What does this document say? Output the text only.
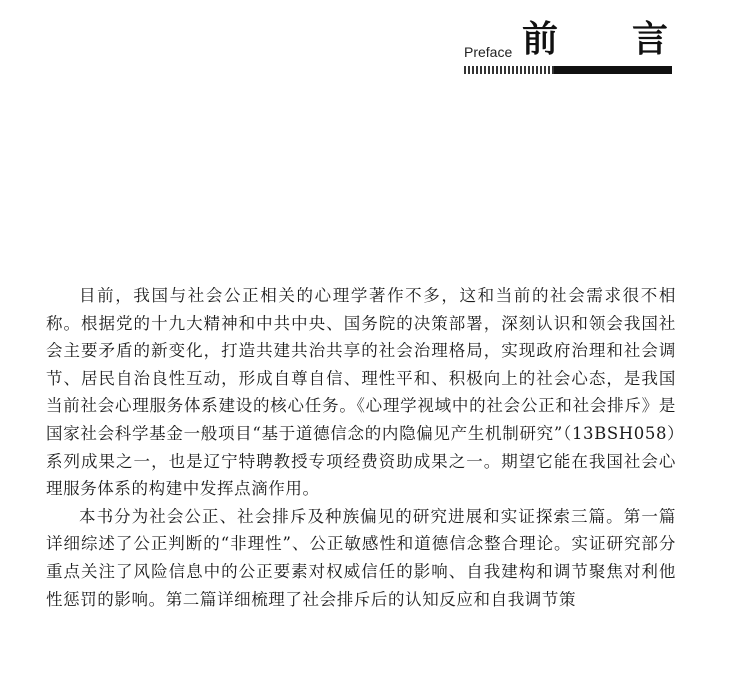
Preface 前 言

目前，我国与社会公正相关的心理学著作不多，这和当前的社会需求很不相称。根据党的十九大精神和中共中央、国务院的决策部署，深刻认识和领会我国社会主要矛盾的新变化，打造共建共治共享的社会治理格局，实现政府治理和社会调节、居民自治良性互动，形成自尊自信、理性平和、积极向上的社会心态，是我国当前社会心理服务体系建设的核心任务。《心理学视域中的社会公正和社会排斥》是国家社会科学基金一般项目“基于道德信念的内隐偏见产生机制研究”（13BSH058）系列成果之一，也是辽宁特聘教授专项经费资助成果之一。期望它能在我国社会心理服务体系的构建中发挥点滴作用。

本书分为社会公正、社会排斥及种族偏见的研究进展和实证探索三篇。第一篇详细综述了公正判断的“非理性”、公正敏感性和道德信念整合理论。实证研究部分重点关注了风险信息中的公正要素对权威信任的影响、自我建构和调节聚焦对利他性惩罚的影响。第二篇详细梳理了社会排斥后的认知反应和自我调节策
